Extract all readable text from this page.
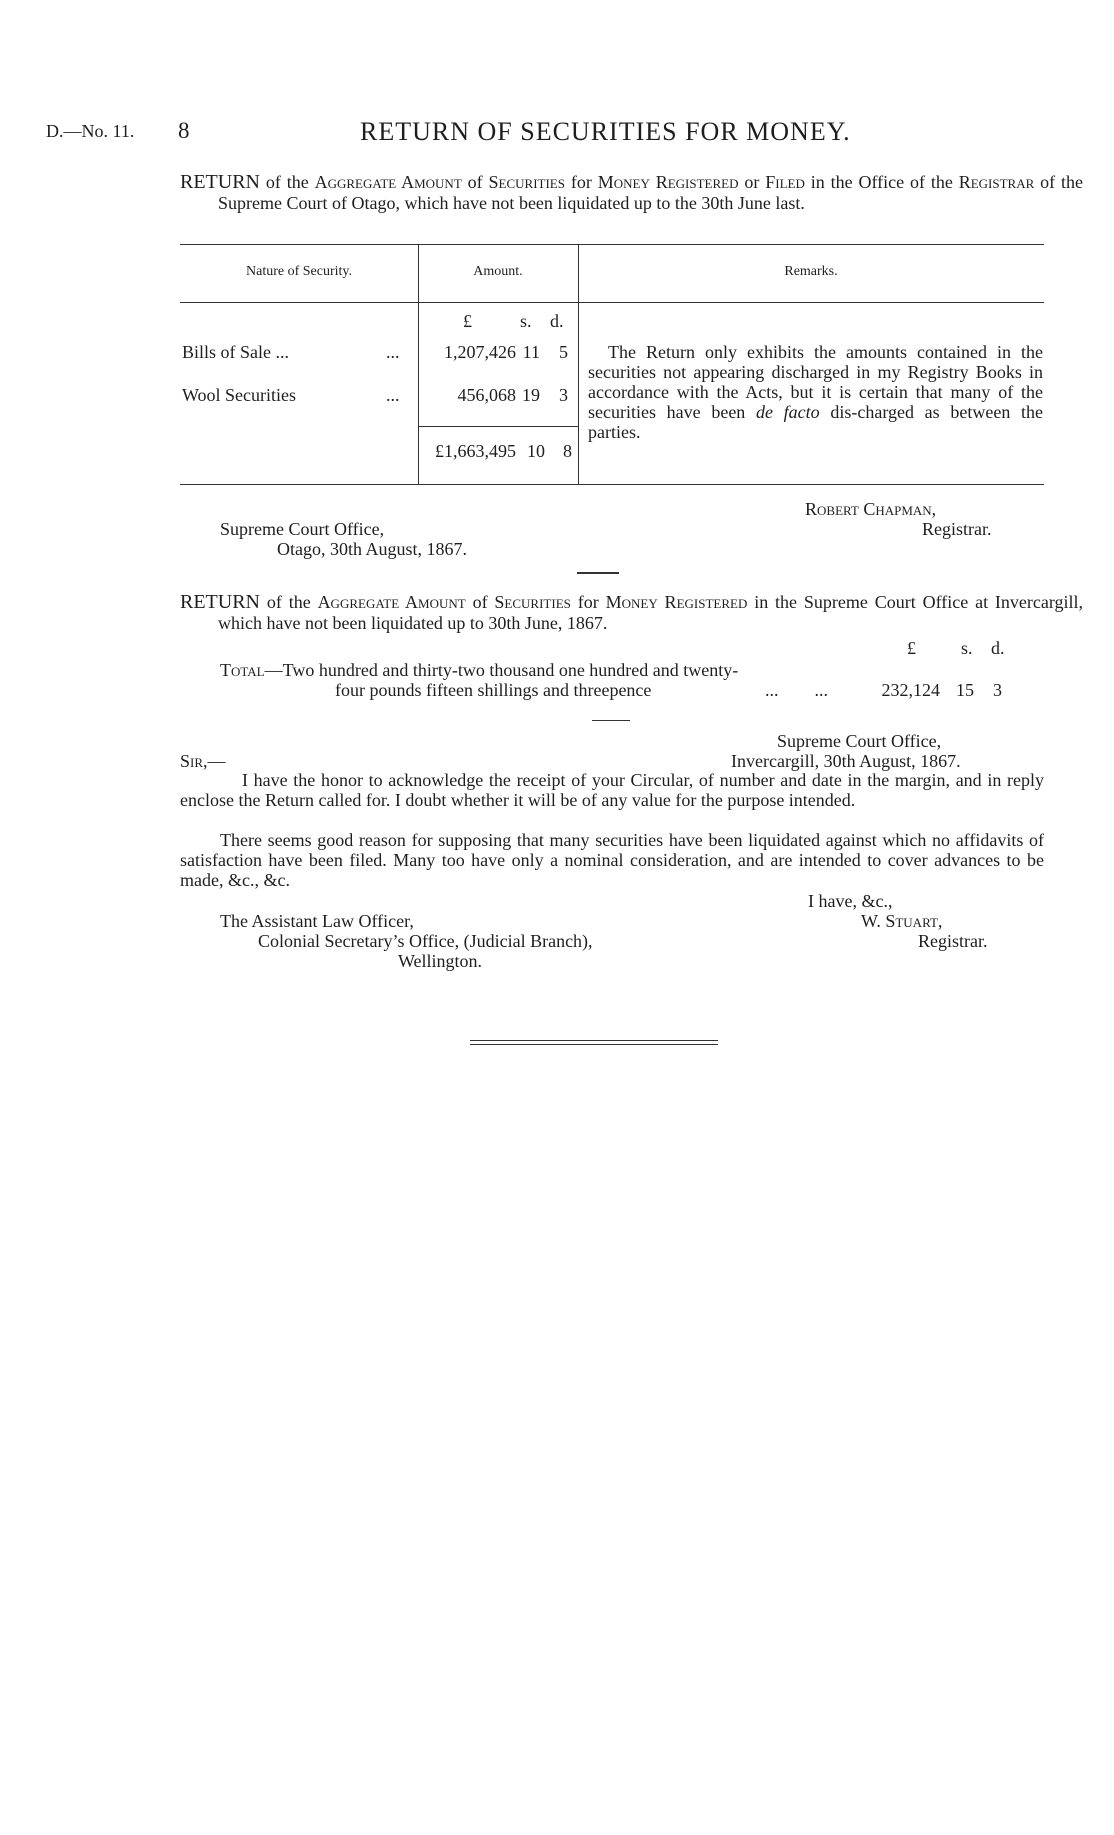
D.—No. 11. 8	RETURN OF SECURITIES FOR MONEY.
RETURN of the Aggregate Amount of Securities for Money Registered or Filed in the Office of the Registrar of the Supreme Court of Otago, which have not been liquidated up to the 30th June last.
Nature of Security.	Amount.	Remarks.
£	s. d.
Bills of Sale ...	...	1,207,426 11	5
Wool Securities	...	456,068 19	3
£1,663,495 10	8
The Return only exhibits the amounts contained in the securities not appearing discharged in my Registry Books in accordance with the Acts, but it is certain that many of the securities have been de facto dis-charged as between the parties.
Robert Chapman,
Registrar.
Supreme Court Office,
Otago, 30th August, 1867.
RETURN of the Aggregate Amount of Securities for Money Registered in the Supreme Court Office at Invercargill, which have not been liquidated up to 30th June, 1867.
£	s. d.
Total—Two hundred and thirty-two thousand one hundred and twenty-
four pounds fifteen shillings and threepence	...        ...	232,124 15	3
Supreme Court Office,
Sir,—	Invercargill, 30th August, 1867.
I have the honor to acknowledge the receipt of your Circular, of number and date in the margin, and in reply enclose the Return called for. I doubt whether it will be of any value for the purpose intended.
There seems good reason for supposing that many securities have been liquidated against which no affidavits of satisfaction have been filed. Many too have only a nominal consideration, and are intended to cover advances to be made, &c., &c.
I have, &c.,
The Assistant Law Officer,	W. Stuart,
Colonial Secretary’s Office, (Judicial Branch),	Registrar.
Wellington.
